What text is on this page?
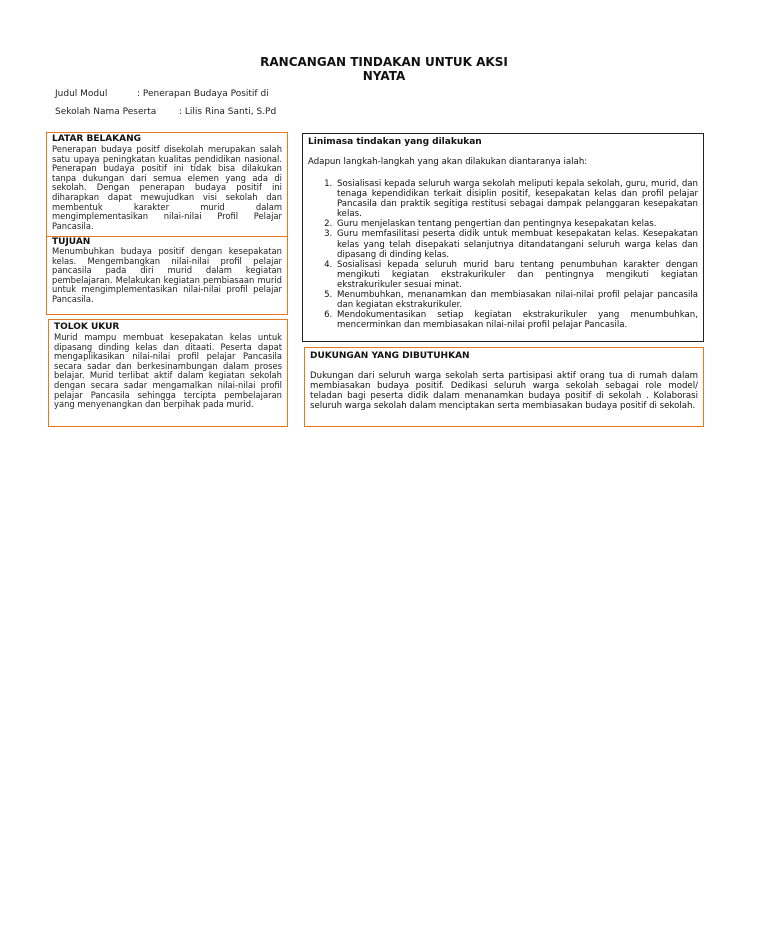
RANCANGAN TINDAKAN UNTUK AKSI
NYATA
Judul Modul	: Penerapan Budaya Positif di
Sekolah Nama Peserta	: Lilis Rina Santi, S.Pd
LATAR BELAKANG
Penerapan budaya positf disekolah merupakan salah satu upaya peningkatan kualitas pendidikan nasional. Penerapan budaya positif ini tidak bisa dilakukan tanpa dukungan dari semua elemen yang ada di sekolah. Dengan penerapan budaya positif ini diharapkan dapat mewujudkan visi sekolah dan membentuk karakter murid dalam mengimplementasikan nilai-nilai Profil Pelajar Pancasila.
TUJUAN
Menumbuhkan budaya positif dengan kesepakatan kelas. Mengembangkan nilai-nilai profil pelajar pancasila pada diri murid dalam kegiatan pembelajaran. Melakukan kegiatan pembiasaan murid untuk mengimplementasikan nilai-nilai profil pelajar Pancasila.
TOLOK UKUR
Murid mampu membuat kesepakatan kelas untuk dipasang dinding kelas dan ditaati. Peserta dapat mengaplikasikan nilai-nilai profil pelajar Pancasila secara sadar dan berkesinambungan dalam proses belajar. Murid terlibat aktif dalam kegiatan sekolah dengan secara sadar mengamalkan nilai-nilai profil pelajar Pancasila sehingga tercipta pembelajaran yang menyenangkan dan berpihak pada murid.
Linimasa tindakan yang dilakukan
Adapun langkah-langkah yang akan dilakukan diantaranya ialah:
1. Sosialisasi kepada seluruh warga sekolah meliputi kepala sekolah, guru, murid, dan tenaga kependidikan terkait disiplin positif, kesepakatan kelas dan profil pelajar Pancasila dan praktik segitiga restitusi sebagai dampak pelanggaran kesepakatan kelas.
2. Guru menjelaskan tentang pengertian dan pentingnya kesepakatan kelas.
3. Guru memfasilitasi peserta didik untuk membuat kesepakatan kelas. Kesepakatan kelas yang telah disepakati selanjutnya ditandatangani seluruh warga kelas dan dipasang di dinding kelas.
4. Sosialisasi kepada seluruh murid baru tentang penumbuhan karakter dengan mengikuti kegiatan ekstrakurikuler dan pentingnya mengikuti kegiatan ekstrakurikuler sesuai minat.
5. Menumbuhkan, menanamkan dan membiasakan nilai-nilai profil pelajar pancasila dan kegiatan ekstrakurikuler.
6. Mendokumentasikan setiap kegiatan ekstrakurikuler yang menumbuhkan, mencerminkan dan membiasakan nilai-nilai profil pelajar Pancasila.
DUKUNGAN YANG DIBUTUHKAN
Dukungan dari seluruh warga sekolah serta partisipasi aktif orang tua di rumah dalam membiasakan budaya positif. Dedikasi seluruh warga sekolah sebagai role model/ teladan bagi peserta didik dalam menanamkan budaya positif di sekolah . Kolaborasi seluruh warga sekolah dalam menciptakan serta membiasakan budaya positif di sekolah.
